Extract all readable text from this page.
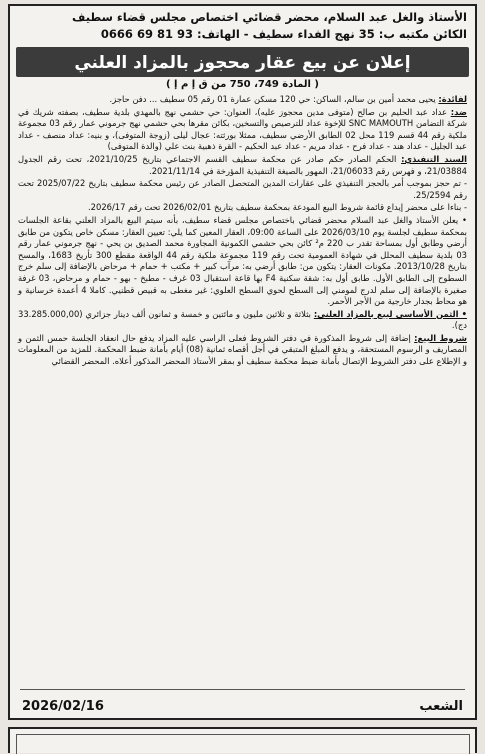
الأستاذ والغل عبد السلام، محضر قضائي اختصاص مجلس قضاء سطيف
الكائن مكتبه ب: 35 نهج الفداء سطيف - الهاتف: 93 81 69 0666
إعلان عن بيع عقار محجوز بالمزاد العلني
( المادة 749، 750 من ق إ م إ )

لفائدة: يحيى محمد أمين بن سالم، الساكن: حي 120 مسكن عمارة 01 رقم 05 سطيف ... دفن حاجز.

ضد: عداد عبد الحليم بن صالح (متوفى مدين محجوز عليه)، العنوان: حي حشمي نهج بالمهدي بلدية سطيف، بصفته شريك في شركة التضامن SNC MAMOUTH للإخوة عداد للترصيص والتسخين، بكائن مقرها بحي حشمي نهج جرموني عمار رقم 03 مجموعة ملكية رقم 44 قسم 119 محل 02 الطابق الأرضي سطيف، ممثلا بورثته: عجال ليلى (زوجة المتوفى)، و بنيه: عداد منصف - عداد عبد الجليل - عداد هند - عداد فرح - عداد مريم - عداد عبد الحكيم - القرة ذهبية بنت علي (والدة المتوفى)

السند التنفيذي: الحكم الصادر حكم صادر عن محكمة سطيف القسم الاجتماعي بتاريخ 2021/10/25، تحت رقم الجدول 21/03884، و فهرس رقم 21/06033، المهور بالصيغة التنفيذية المؤرخة في 2021/11/14.

- تم حجز بموجب أمر بالحجز التنفيذي على عقارات المدين المتحصل الصادر عن رئيس محكمة سطيف بتاريخ 2025/07/22 تحت رقم 25/2594.

- بناءا على محضر إيداع قائمة شروط البيع المودعة بمحكمة سطيف بتاريخ 2026/02/01 تحت رقم 2026/17.

• يعلن الأستاذ والغل عبد السلام محضر قضائي باختصاص مجلس قضاء سطيف، بأنه سيتم البيع بالمزاد العلني بقاعة الجلسات بمحكمة سطيف لجلسة يوم 2026/03/10 على الساعة 09:00، العقار المعين كما يلي: تعيين العقار: مسكن خاص يتكون من طابق أرضي وطابق أول بمساحة تقدر ب 220 م² كائن بحي حشمي الكمونية المجاورة محمد الصديق بن يحي - نهج جرموني عمار رقم 03 بلدية سطيف المحلل في شهادة العمومية تحت رقم 119 مجموعة ملكية رقم 44 الواقعة مقطع 300 تأريخ 1683، والمسح بتاريخ 2013/10/28. مكونات العقار: يتكون من: طابق أرضي به: مرآب كبير + مكتب + حمام + مرحاض بالإضافة إلى سلم خرج السطوح إلى الطابق الأول. طابق أول به: شقة سكنية F4 بها قاعة استقبال 03 غرف - مطبخ - بهو - حمام و مرحاض، 03 غرفة صغيرة بالإضافة إلى سلم لدرج لمومني إلى السطح لحوي السطح العلوي: غير مغطى به قبيص قطنيي. كاملا 4 أعمدة خرسانية و هو محاط بجدار خارجية من الأجر الأحمر.

• الثمن الأساسي لبيع بالمزاد العلني: بثلاثة و ثلاثين مليون و مائتين و خمسة و ثمانون ألف دينار جزائري (33.285.000,00 دج).

شروط البيع: إضافة إلى شروط المذكورة في دفتر الشروط فعلى الراسي عليه المزاد يدفع حال انعقاد الجلسة حمس الثمن و المصاريف و الرسوم المستحقة، و يدفع المبلغ المتبقي في أجل أقصاه ثمانية (08) أيام بأمانة ضبط المحكمة. للمزيد من المعلومات و الإطلاع على دفتر الشروط الإتصال بأمانة ضبط محكمة سطيف أو بمقر الأستاذ المحضر المذكور أعلاه. المحضر القضائي

الشعب
2026/02/16
